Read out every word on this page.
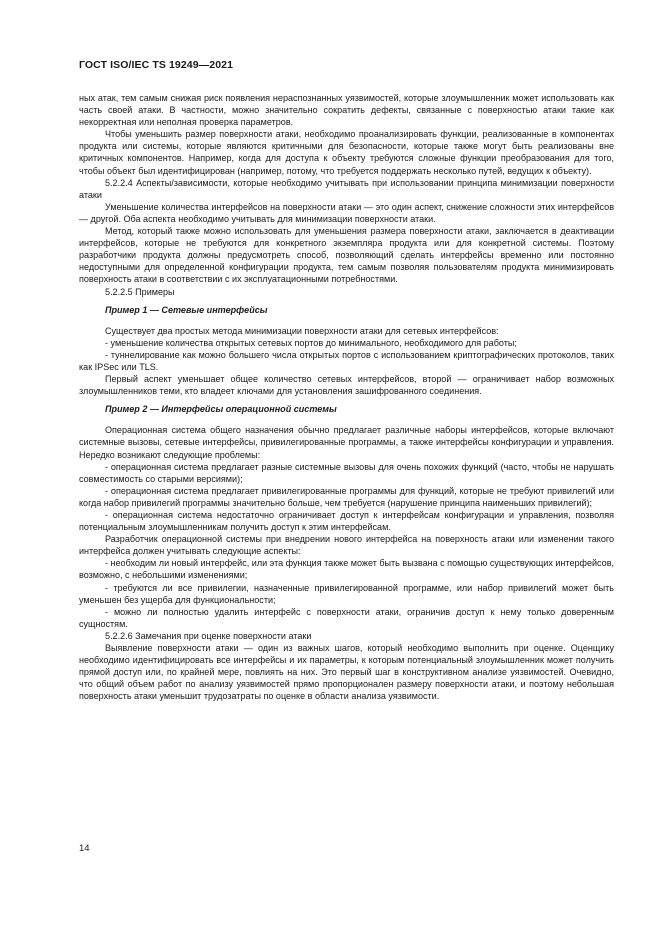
ГОСТ ISO/IEC TS 19249—2021

ных атак, тем самым снижая риск появления нераспознанных уязвимостей, которые злоумышленник может использовать как часть своей атаки. В частности, можно значительно сократить дефекты, связанные с поверхностью атаки такие как некорректная или неполная проверка параметров.

Чтобы уменьшить размер поверхности атаки, необходимо проанализировать функции, реализованные в компонентах продукта или системы, которые являются критичными для безопасности, которые также могут быть реализованы вне критичных компонентов. Например, когда для доступа к объекту требуются сложные функции преобразования для того, чтобы объект был идентифицирован (например, потому, что требуется поддержать несколько путей, ведущих к объекту).

5.2.2.4 Аспекты/зависимости, которые необходимо учитывать при использовании принципа минимизации поверхности атаки

Уменьшение количества интерфейсов на поверхности атаки — это один аспект, снижение сложности этих интерфейсов — другой. Оба аспекта необходимо учитывать для минимизации поверхности атаки.

Метод, который также можно использовать для уменьшения размера поверхности атаки, заключается в деактивации интерфейсов, которые не требуются для конкретного экземпляра продукта или для конкретной системы. Поэтому разработчики продукта должны предусмотреть способ, позволяющий сделать интерфейсы временно или постоянно недоступными для определенной конфигурации продукта, тем самым позволяя пользователям продукта минимизировать поверхность атаки в соответствии с их эксплуатационными потребностями.

5.2.2.5 Примеры

Пример 1 — Сетевые интерфейсы

Существует два простых метода минимизации поверхности атаки для сетевых интерфейсов:

- уменьшение количества открытых сетевых портов до минимального, необходимого для работы;

- туннелирование как можно большего числа открытых портов с использованием криптографических протоколов, таких как IPSec или TLS.

Первый аспект уменьшает общее количество сетевых интерфейсов, второй — ограничивает набор возможных злоумышленников теми, кто владеет ключами для установления зашифрованного соединения.

Пример 2 — Интерфейсы операционной системы

Операционная система общего назначения обычно предлагает различные наборы интерфейсов, которые включают системные вызовы, сетевые интерфейсы, привилегированные программы, а также интерфейсы конфигурации и управления. Нередко возникают следующие проблемы:

- операционная система предлагает разные системные вызовы для очень похожих функций (часто, чтобы не нарушать совместимость со старыми версиями);

- операционная система предлагает привилегированные программы для функций, которые не требуют привилегий или когда набор привилегий программы значительно больше, чем требуется (нарушение принципа наименьших привилегий);

- операционная система недостаточно ограничивает доступ к интерфейсам конфигурации и управления, позволяя потенциальным злоумышленникам получить доступ к этим интерфейсам.

Разработчик операционной системы при внедрении нового интерфейса на поверхность атаки или изменении такого интерфейса должен учитывать следующие аспекты:

- необходим ли новый интерфейс, или эта функция также может быть вызвана с помощью существующих интерфейсов, возможно, с небольшими изменениями;

- требуются ли все привилегии, назначенные привилегированной программе, или набор привилегий может быть уменьшен без ущерба для функциональности;

- можно ли полностью удалить интерфейс с поверхности атаки, ограничив доступ к нему только доверенным сущностям.

5.2.2.6 Замечания при оценке поверхности атаки

Выявление поверхности атаки — один из важных шагов, который необходимо выполнить при оценке. Оценщику необходимо идентифицировать все интерфейсы и их параметры, к которым потенциальный злоумышленник может получить прямой доступ или, по крайней мере, повлиять на них. Это первый шаг в конструктивном анализе уязвимостей. Очевидно, что общий объем работ по анализу уязвимостей прямо пропорционален размеру поверхности атаки, и поэтому небольшая поверхность атаки уменьшит трудозатраты по оценке в области анализа уязвимости.

14
